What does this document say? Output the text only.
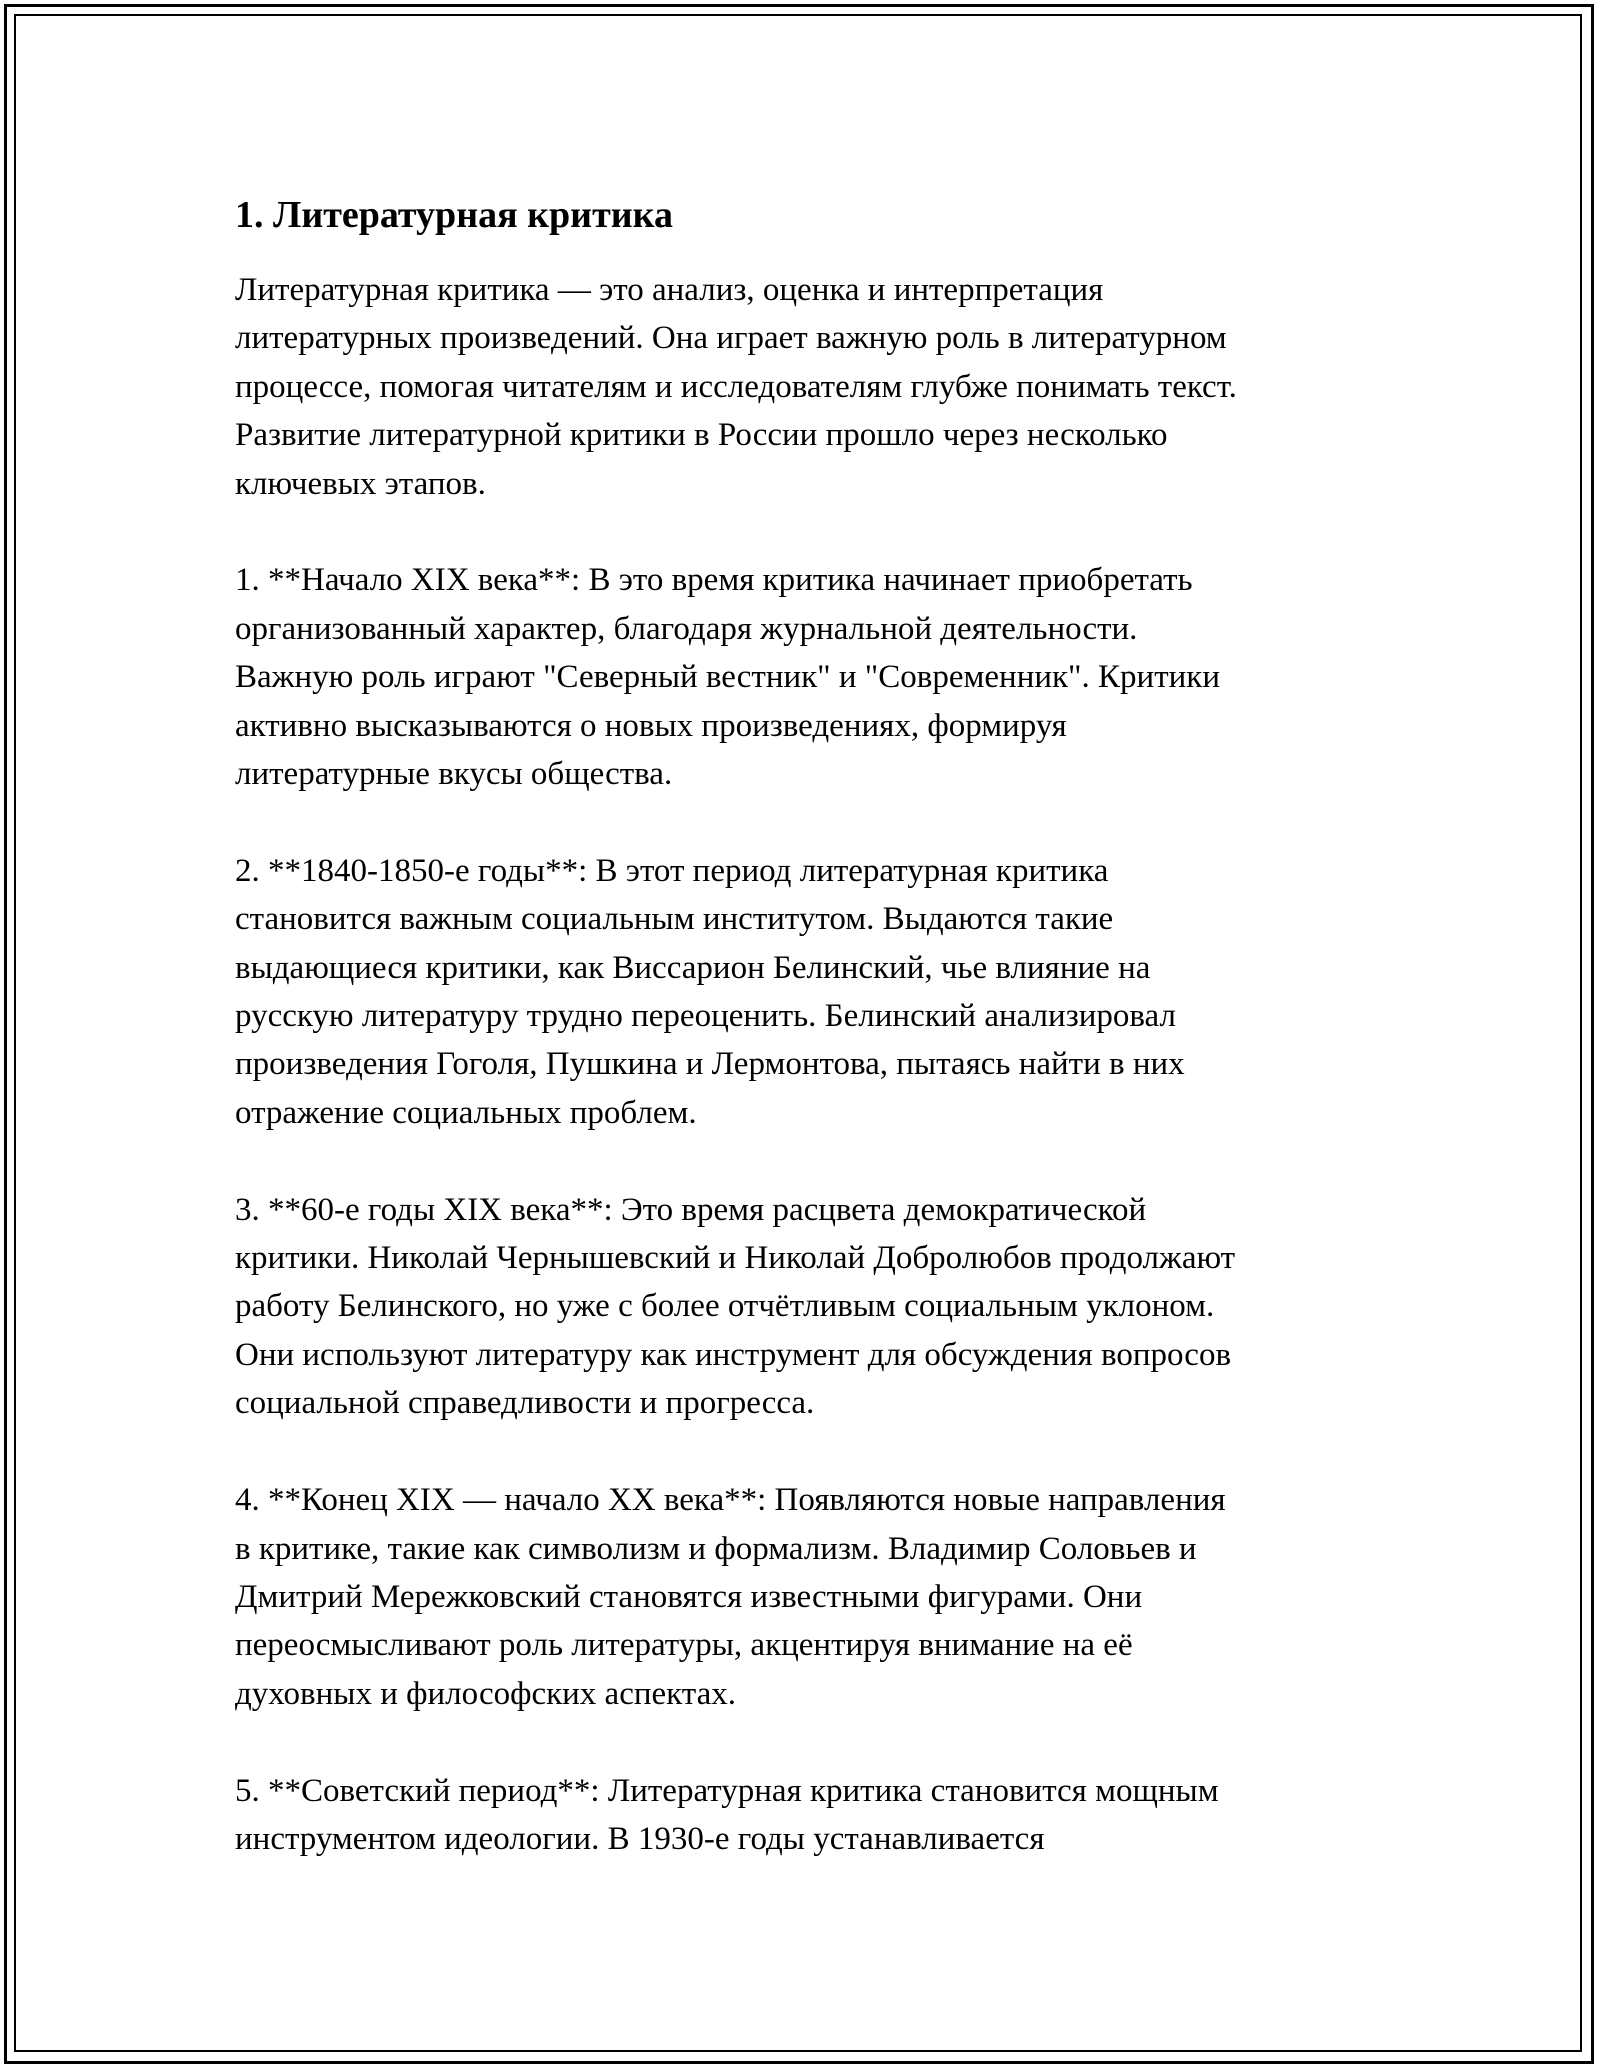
1. Литературная критика
Литературная критика — это анализ, оценка и интерпретация
литературных произведений. Она играет важную роль в литературном
процессе, помогая читателям и исследователям глубже понимать текст.
Развитие литературной критики в России прошло через несколько
ключевых этапов.
1. **Начало XIX века**: В это время критика начинает приобретать
организованный характер, благодаря журнальной деятельности.
Важную роль играют "Северный вестник" и "Современник". Критики
активно высказываются о новых произведениях, формируя
литературные вкусы общества.
2. **1840-1850-е годы**: В этот период литературная критика
становится важным социальным институтом. Выдаются такие
выдающиеся критики, как Виссарион Белинский, чье влияние на
русскую литературу трудно переоценить. Белинский анализировал
произведения Гоголя, Пушкина и Лермонтова, пытаясь найти в них
отражение социальных проблем.
3. **60-е годы XIX века**: Это время расцвета демократической
критики. Николай Чернышевский и Николай Добролюбов продолжают
работу Белинского, но уже с более отчётливым социальным уклоном.
Они используют литературу как инструмент для обсуждения вопросов
социальной справедливости и прогресса.
4. **Конец XIX — начало XX века**: Появляются новые направления
в критике, такие как символизм и формализм. Владимир Соловьев и
Дмитрий Мережковский становятся известными фигурами. Они
переосмысливают роль литературы, акцентируя внимание на её
духовных и философских аспектах.
5. **Советский период**: Литературная критика становится мощным
инструментом идеологии. В 1930-е годы устанавливается
